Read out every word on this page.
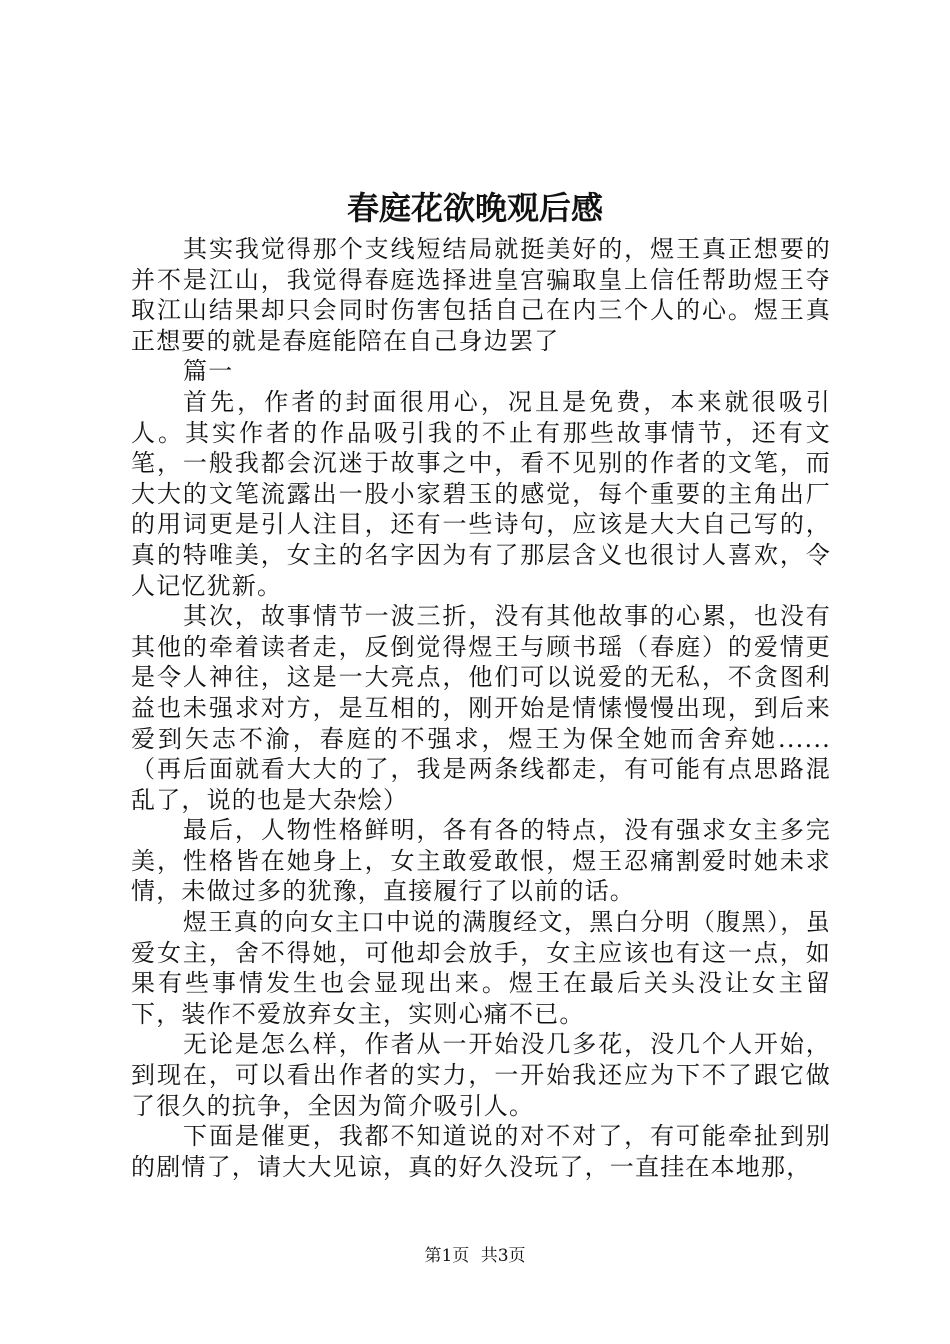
春庭花欲晚观后感

其实我觉得那个支线短结局就挺美好的，煜王真正想要的并不是江山，我觉得春庭选择进皇宫骗取皇上信任帮助煜王夺取江山结果却只会同时伤害包括自己在内三个人的心。煜王真正想要的就是春庭能陪在自己身边罢了

篇一

首先，作者的封面很用心，况且是免费，本来就很吸引人。其实作者的作品吸引我的不止有那些故事情节，还有文笔，一般我都会沉迷于故事之中，看不见别的作者的文笔，而大大的文笔流露出一股小家碧玉的感觉，每个重要的主角出厂的用词更是引人注目，还有一些诗句，应该是大大自己写的，真的特唯美，女主的名字因为有了那层含义也很讨人喜欢，令人记忆犹新。

其次，故事情节一波三折，没有其他故事的心累，也没有其他的牵着读者走，反倒觉得煜王与顾书瑶（春庭）的爱情更是令人神往，这是一大亮点，他们可以说爱的无私，不贪图利益也未强求对方，是互相的，刚开始是情愫慢慢出现，到后来爱到矢志不渝，春庭的不强求，煜王为保全她而舍弃她......（再后面就看大大的了，我是两条线都走，有可能有点思路混乱了，说的也是大杂烩）

最后，人物性格鲜明，各有各的特点，没有强求女主多完美，性格皆在她身上，女主敢爱敢恨，煜王忍痛割爱时她未求情，未做过多的犹豫，直接履行了以前的话。

煜王真的向女主口中说的满腹经文，黑白分明（腹黑），虽爱女主，舍不得她，可他却会放手，女主应该也有这一点，如果有些事情发生也会显现出来。煜王在最后关头没让女主留下，装作不爱放弃女主，实则心痛不已。

无论是怎么样，作者从一开始没几多花，没几个人开始，到现在，可以看出作者的实力，一开始我还应为下不了跟它做了很久的抗争，全因为简介吸引人。

下面是催更，我都不知道说的对不对了，有可能牵扯到别的剧情了，请大大见谅，真的好久没玩了，一直挂在本地那，

第1页 共3页
